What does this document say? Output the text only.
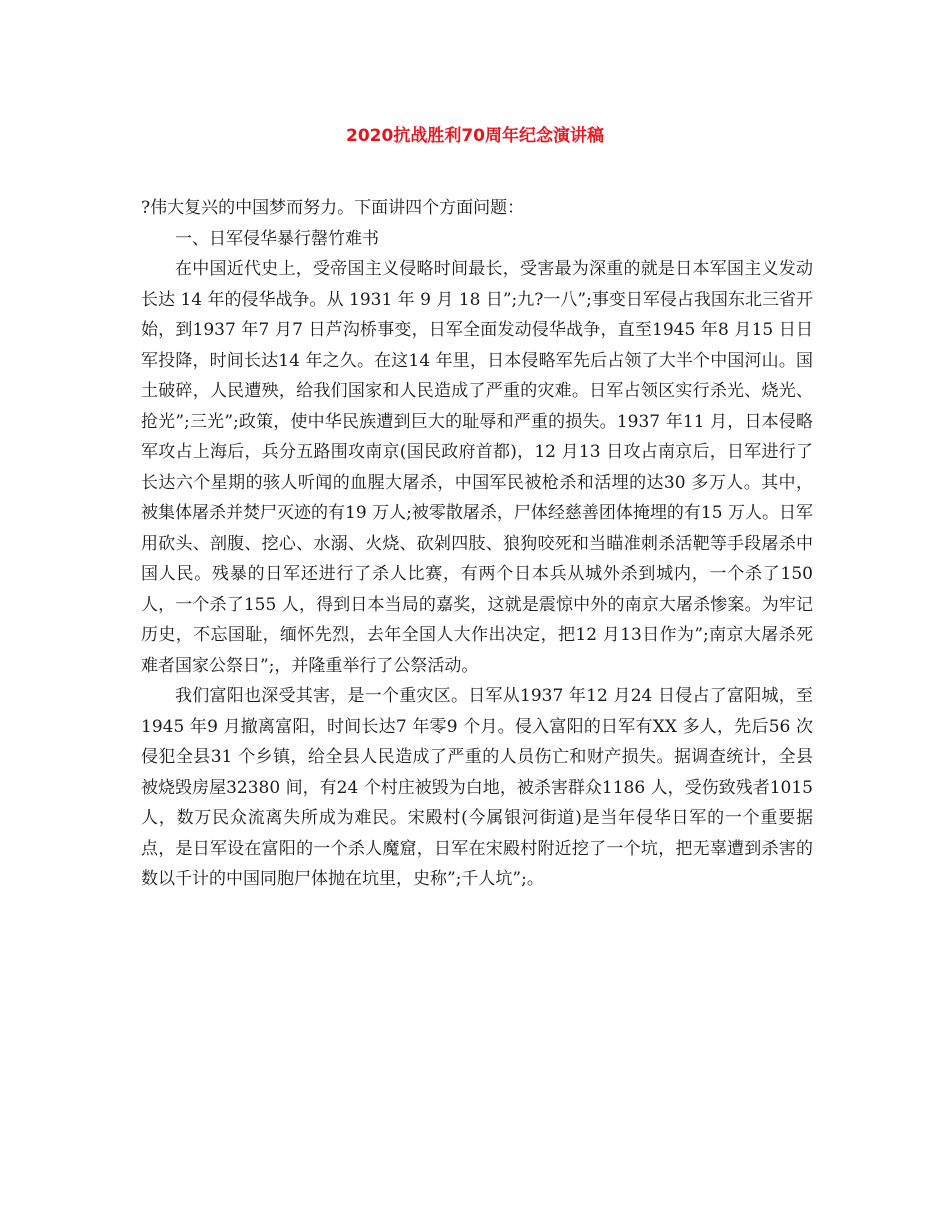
2020抗战胜利70周年纪念演讲稿

?伟大复兴的中国梦而努力。下面讲四个方面问题：

一、日军侵华暴行罄竹难书

在中国近代史上，受帝国主义侵略时间最长，受害最为深重的就是日本军国主义发动长达 14 年的侵华战争。从 1931 年 9 月 18 日”;九?一八”;事变日军侵占我国东北三省开始，到1937 年7 月7 日芦沟桥事变，日军全面发动侵华战争，直至1945 年8 月15 日日军投降，时间长达14 年之久。在这14 年里，日本侵略军先后占领了大半个中国河山。国土破碎，人民遭殃，给我们国家和人民造成了严重的灾难。日军占领区实行杀光、烧光、抢光”;三光”;政策，使中华民族遭到巨大的耻辱和严重的损失。1937 年11 月，日本侵略军攻占上海后，兵分五路围攻南京(国民政府首都)，12 月13 日攻占南京后，日军进行了长达六个星期的骇人听闻的血腥大屠杀，中国军民被枪杀和活埋的达30 多万人。其中，被集体屠杀并焚尸灭迹的有19 万人;被零散屠杀，尸体经慈善团体掩埋的有15 万人。日军用砍头、剖腹、挖心、水溺、火烧、砍剁四肢、狼狗咬死和当瞄准刺杀活靶等手段屠杀中国人民。残暴的日军还进行了杀人比赛，有两个日本兵从城外杀到城内，一个杀了150 人，一个杀了155 人，得到日本当局的嘉奖，这就是震惊中外的南京大屠杀惨案。为牢记历史，不忘国耻，缅怀先烈，去年全国人大作出决定，把12 月13日作为”;南京大屠杀死难者国家公祭日”;，并隆重举行了公祭活动。

我们富阳也深受其害，是一个重灾区。日军从1937 年12 月24 日侵占了富阳城，至1945 年9 月撤离富阳，时间长达7 年零9 个月。侵入富阳的日军有XX 多人，先后56 次侵犯全县31 个乡镇，给全县人民造成了严重的人员伤亡和财产损失。据调查统计，全县被烧毁房屋32380 间，有24 个村庄被毁为白地，被杀害群众1186 人，受伤致残者1015 人，数万民众流离失所成为难民。宋殿村(今属银河街道)是当年侵华日军的一个重要据点，是日军设在富阳的一个杀人魔窟，日军在宋殿村附近挖了一个坑，把无辜遭到杀害的数以千计的中国同胞尸体抛在坑里，史称”;千人坑”;。
